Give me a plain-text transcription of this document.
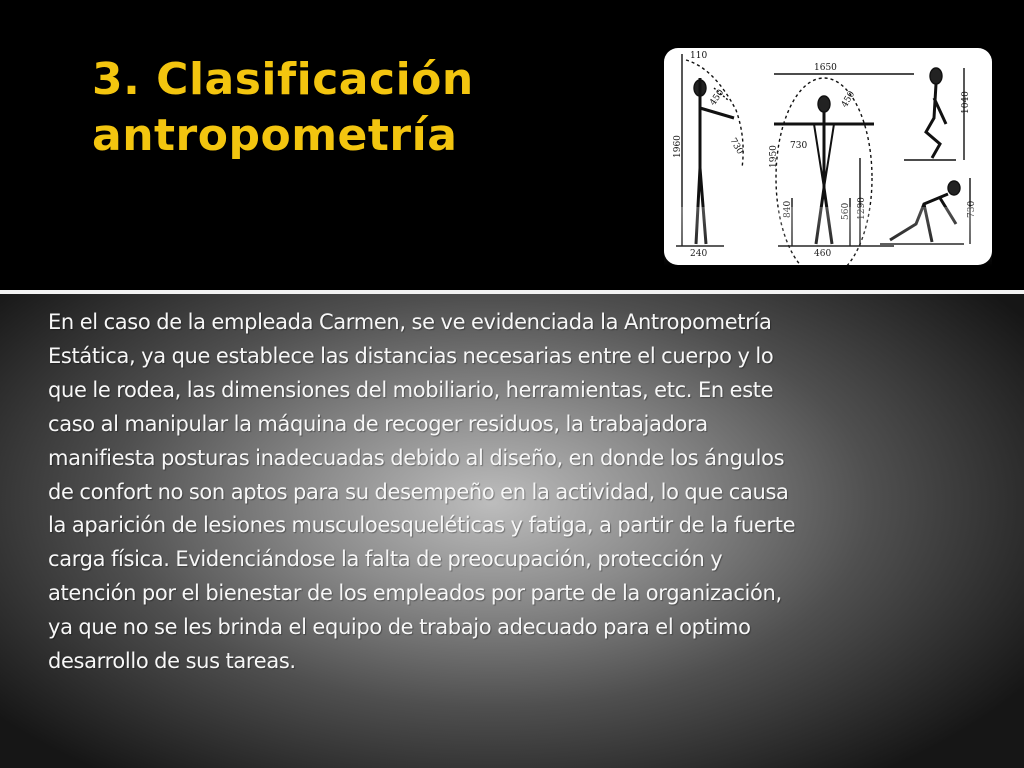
3. Clasificación
antropometría
110
450
730
1960
240
1650
450
730
1950
840	560 1290
460
1040
730

En el caso de la empleada Carmen, se ve evidenciada la Antropometría
Estática, ya que establece las distancias necesarias entre el cuerpo y lo
que le rodea, las dimensiones del mobiliario, herramientas, etc. En este
caso al manipular la máquina de recoger residuos, la trabajadora
manifiesta posturas inadecuadas debido al diseño, en donde los ángulos
de confort no son aptos para su desempeño en la actividad, lo que causa
la aparición de lesiones musculoesqueléticas y fatiga, a partir de la fuerte
carga física. Evidenciándose la falta de preocupación, protección y
atención por el bienestar de los empleados por parte de la organización,
ya que no se les brinda el equipo de trabajo adecuado para el optimo
desarrollo de sus tareas.
